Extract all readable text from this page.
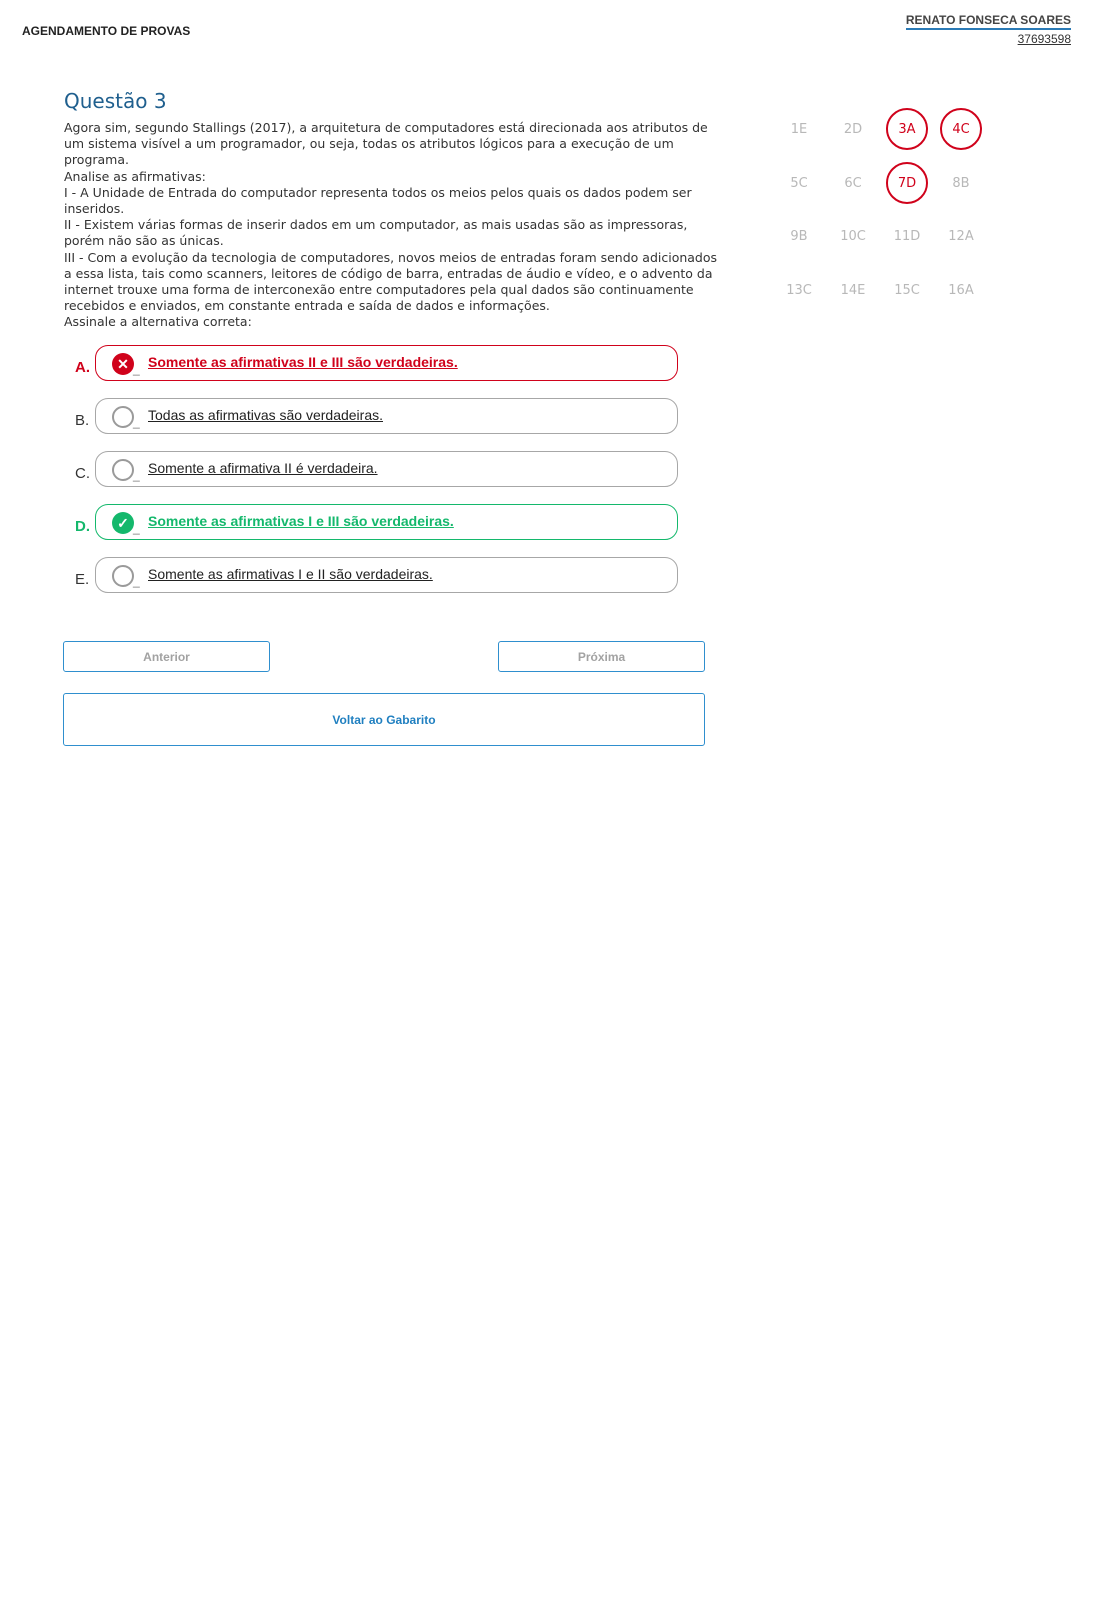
AGENDAMENTO DE PROVAS
RENATO FONSECA SOARES
37693598
Questão 3

Agora sim, segundo Stallings (2017), a arquitetura de computadores está direcionada aos atributos de um sistema visível a um programador, ou seja, todas os atributos lógicos para a execução de um programa.

Analise as afirmativas:

I - A Unidade de Entrada do computador representa todos os meios pelos quais os dados podem ser inseridos.

II - Existem várias formas de inserir dados em um computador, as mais usadas são as impressoras, porém não são as únicas.

III - Com a evolução da tecnologia de computadores, novos meios de entradas foram sendo adicionados a essa lista, tais como scanners, leitores de código de barra, entradas de áudio e vídeo, e o advento da internet trouxe uma forma de interconexão entre computadores pela qual dados são continuamente recebidos e enviados, em constante entrada e saída de dados e informações.

Assinale a alternativa correta:

1E	2D	3A	4C
5C	6C	7D	8B
9B	10C	11D	12A
13C	14E	15C	16A
A.	✕ _ Somente as afirmativas II e III são verdadeiras.
B.	_ Todas as afirmativas são verdadeiras.
C.	_ Somente a afirmativa II é verdadeira.
D.	✓ _ Somente as afirmativas I e III são verdadeiras.
E.	_ Somente as afirmativas I e II são verdadeiras.
Anterior	Próxima
Voltar ao Gabarito
